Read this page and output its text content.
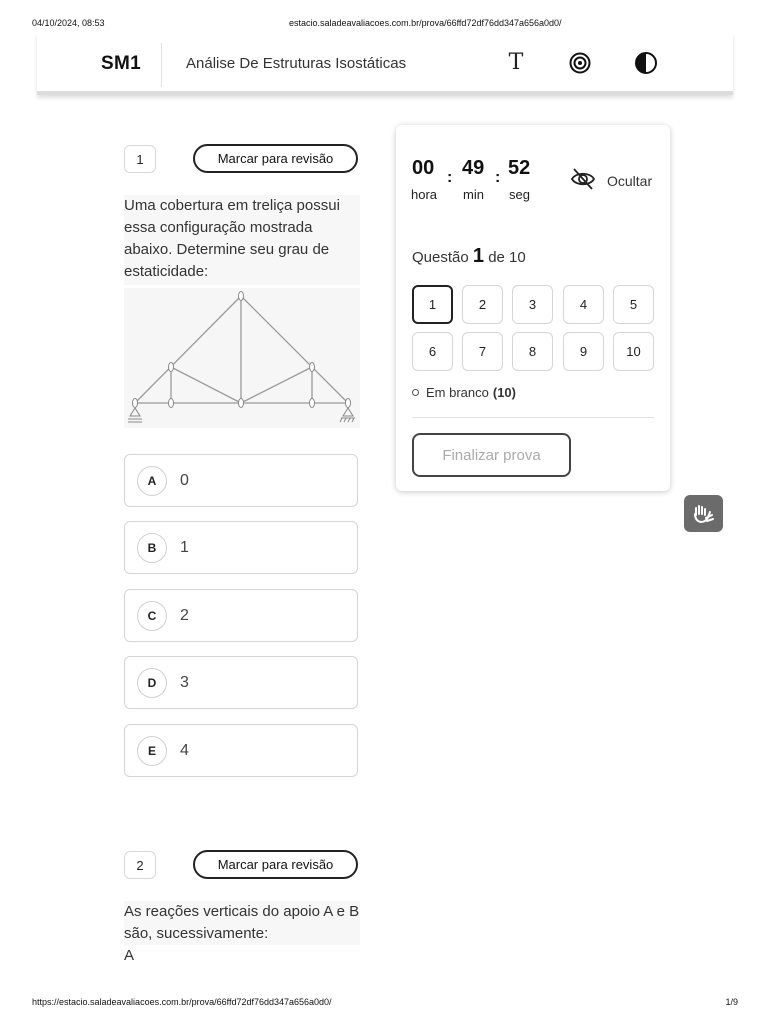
04/10/2024, 08:53	estacio.saladeavaliacoes.com.br/prova/66ffd72df76dd347a656a0d0/
SM1	Análise De Estruturas Isostáticas	T
1	Marcar para revisão
Uma cobertura em treliça possui essa configuração mostrada abaixo. Determine seu grau de estaticidade:
A	0
B	1
C	2
D	3
E	4
2	Marcar para revisão
As reações verticais do apoio A e B são, sucessivamente:
A
00 : 49 : 52
hora min seg
Ocultar
Questão 1 de 10
1	2	3	4	5
6	7	8	9	10
Em branco (10)
Finalizar prova
https://estacio.saladeavaliacoes.com.br/prova/66ffd72df76dd347a656a0d0/	1/9
